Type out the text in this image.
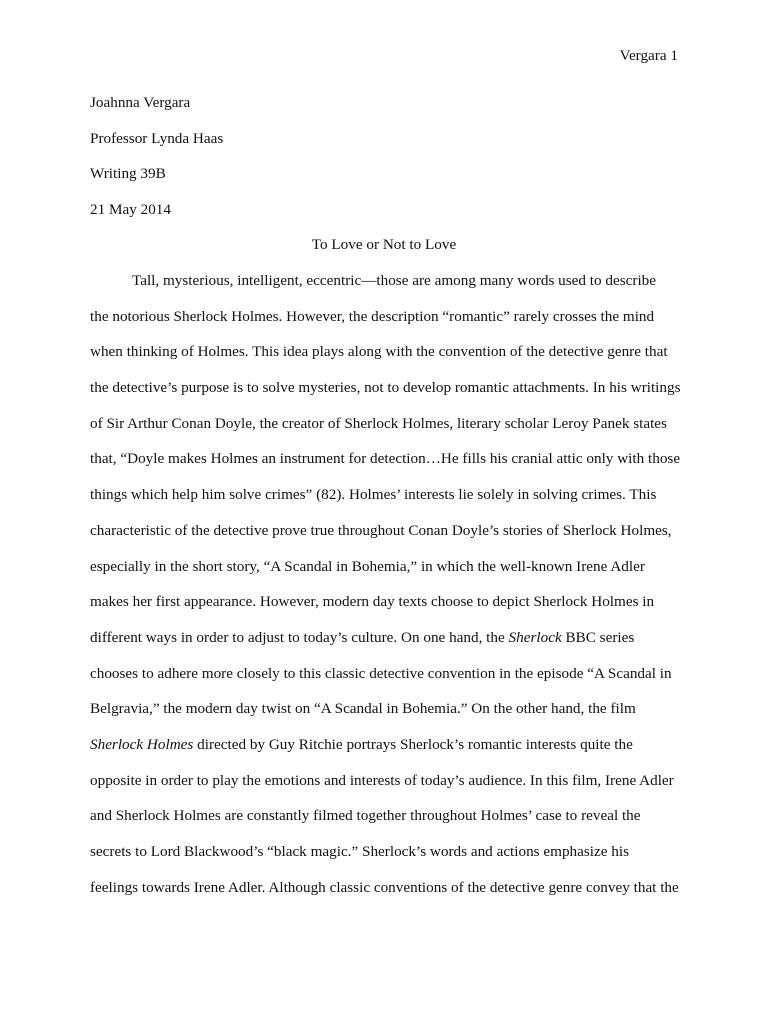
Vergara 1
Joahnna Vergara
Professor Lynda Haas
Writing 39B
21 May 2014
To Love or Not to Love
Tall, mysterious, intelligent, eccentric—those are among many words used to describe
the notorious Sherlock Holmes. However, the description “romantic” rarely crosses the mind
when thinking of Holmes. This idea plays along with the convention of the detective genre that
the detective’s purpose is to solve mysteries, not to develop romantic attachments. In his writings
of Sir Arthur Conan Doyle, the creator of Sherlock Holmes, literary scholar Leroy Panek states
that, “Doyle makes Holmes an instrument for detection…He fills his cranial attic only with those
things which help him solve crimes” (82). Holmes’ interests lie solely in solving crimes. This
characteristic of the detective prove true throughout Conan Doyle’s stories of Sherlock Holmes,
especially in the short story, “A Scandal in Bohemia,” in which the well-known Irene Adler
makes her first appearance. However, modern day texts choose to depict Sherlock Holmes in
different ways in order to adjust to today’s culture. On one hand, the Sherlock BBC series
chooses to adhere more closely to this classic detective convention in the episode “A Scandal in
Belgravia,” the modern day twist on “A Scandal in Bohemia.” On the other hand, the film
Sherlock Holmes directed by Guy Ritchie portrays Sherlock’s romantic interests quite the
opposite in order to play the emotions and interests of today’s audience. In this film, Irene Adler
and Sherlock Holmes are constantly filmed together throughout Holmes’ case to reveal the
secrets to Lord Blackwood’s “black magic.” Sherlock’s words and actions emphasize his
feelings towards Irene Adler. Although classic conventions of the detective genre convey that the
